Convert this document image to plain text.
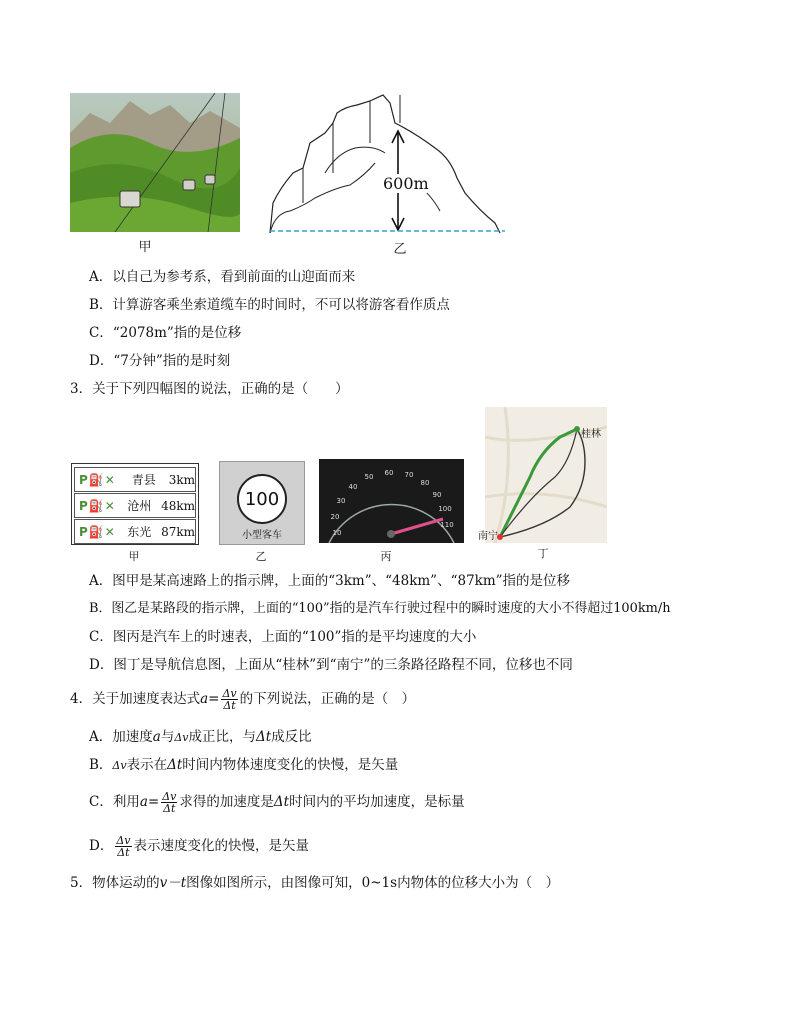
甲
600m
乙
A．以自己为参考系，看到前面的山迎面而来
B．计算游客乘坐索道缆车的时间时，不可以将游客看作质点
C．“2078m”指的是位移
D．“7分钟”指的是时刻
3．关于下列四幅图的说法，正确的是（　　）
P⛽✕	青县	3km
P⛽✕ 沧州 48km
P⛽✕ 东光 87km
甲
100
小型客车
乙
10
20
30
40
50 60 70
80
90
100
110
丙
桂林
南宁
丁
A．图甲是某高速路上的指示牌，上面的“3km”、“48km”、“87km”指的是位移
B．图乙是某路段的指示牌，上面的“100”指的是汽车行驶过程中的瞬时速度的大小不得超过100km/h
C．图丙是汽车上的时速表，上面的“100”指的是平均速度的大小
D．图丁是导航信息图，上面从“桂林”到“南宁”的三条路径路程不同，位移也不同
4．关于加速度表达式$a= \frac{\Delta v}{\Delta t}$ 的下列说法，正确的是（　）
A．加速度a与Δv成正比，与Δt成反比
B．Δv表示在Δt时间内物体速度变化的快慢，是矢量
C．利用$a= \frac{\Delta v}{\Delta t}$ 求得的加速度是Δt时间内的平均加速度，是标量
D． $\frac{\Delta v}{\Delta t}$ 表示速度变化的快慢，是矢量
5．物体运动的v－t图像如图所示，由图像可知，0~1s内物体的位移大小为（　）
